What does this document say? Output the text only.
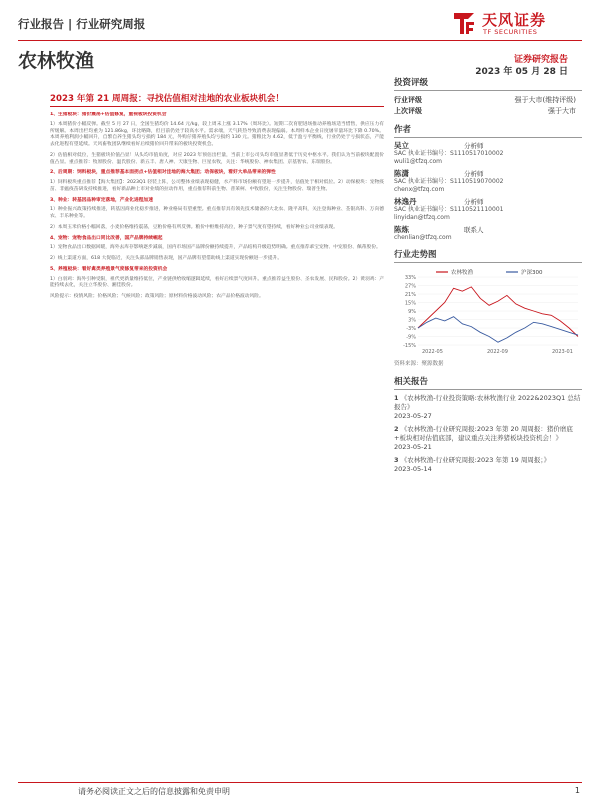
行业报告 | 行业研究周报	天风证券
TF SECURITIES
农林牧渔	证券研究报告
2023 年 05 月 28 日
2023 年第 21 周周报：寻找估值相对洼地的农业板块机会！

1、生猪板块：猪价震荡+估值修复，重视板块投资机会

1）本周猪价小幅反弹。截至 5 月 27 日，全国生猪均价 14.64 元/kg，较上周末上涨 3.17%（周环比）。短期二次育肥进场推动养殖场适当惜售，供应压力有所缓解。本周出栏均重为 121.86kg，环比略降，但目前仍处于较高水平。需求端，天气转热导致消费表现偏弱。本周样本企业日度屠宰量环比下降 0.70%。本周养殖利润小幅回升，自繁自养生猪头均亏损约 184 元，外购仔猪养殖头均亏损约 130 元。猪粮比为 4.62，低于盈亏平衡线，行业仍处于亏损状态，产能去化进程有望延续。天风畜牧团队继续看好后续猪价回升带来的板块投资机会。

2）估值相对低位，生猪板块价值凸显！从头均市值角度，对应 2023 年预估出栏量，当前上市公司头均市值显著低于历史中枢水平。我们认为当前板块配置价值凸显。重点推荐：牧原股份、温氏股份、新五丰、唐人神、天康生物、巨星农牧，关注：华统股份、神农集团、京基智农、东瑞股份。

2、后周期：饲料板块，重点推荐基本面拐点+估值相对洼地的海大集团；动保板块，看好大单品带来的弹性

1）饲料板块重点推荐【海大集团】：2023Q1 轻装上阵，公司整体业绩表现稳健，水产料市场份额有望进一步提升，估值处于相对低位。2）动保板块：宠物疫苗、非瘟疫苗研发持续推进，看好新品种上市对业绩的拉动作用，重点推荐科前生物、普莱柯、中牧股份，关注生物股份、瑞普生物。

3、种业：转基因品种审定落地，产业化进程加速

1）种业振兴政策持续推进，转基因商业化稳步推进，种业格局有望重塑。重点推荐具有领先技术储备的大北农、隆平高科，关注登海种业、荃银高科、万向德农、丰乐种业等。

2）本周玉米价格小幅回落，小麦价格维持震荡，豆粕价格有所反弹。粮价中枢维持高位，种子景气度有望持续，看好种业公司业绩表现。

4、宠物：宠物食品出口同比改善，国产品牌持续崛起

1）宠物食品出口数据回暖，海外去库存影响逐步减弱，国内市场国产品牌份额持续提升，产品结构升级趋势明确。重点推荐乖宝宠物、中宠股份、佩蒂股份。

2）线上渠道方面，618 大促临近，关注头部品牌销售表现，国产品牌有望借助线上渠道实现份额进一步提升。

5、养殖板块：看好禽类养殖景气度修复带来的投资机会

1）白羽鸡：海外引种受限，祖代更新量维持低位，产业链供给收缩逻辑延续，看好后续景气度回升。重点推荐益生股份、圣农发展、民和股份。2）黄羽鸡：产能持续去化，关注立华股份、湘佳股份。

风险提示：疫情风险；价格风险；气候风险；政策风险；原材料价格波动风险；农产品价格波动风险。

投资评级
行业评级	强于大市(维持评级)
上次评级	强于大市
作者
吴立	分析师
SAC 执业证书编号：S1110517010002
wuli1@tfzq.com
陈潇	分析师
SAC 执业证书编号：S1110519070002
chenx@tfzq.com
林逸丹	分析师
SAC 执业证书编号：S1110521110001
linyidan@tfzq.com
陈炼	联系人
chenlian@tfzq.com
行业走势图
33%
27%
21%
15%
9%
3%
-3%
-9%
-15%
2022-05	2022-09	2023-01
农林牧渔	沪深300
资料来源：聚源数据
相关报告
1 《农林牧渔-行业投资策略:农林牧渔行业 2022&2023Q1 总结报告》
2023-05-27
2 《农林牧渔-行业研究周报:2023 年第 20 周周报：猪价磨底+板块相对估值底部，建议重点关注养猪板块投资机会！》
2023-05-21
3 《农林牧渔-行业研究周报:2023 年第 19 周周报；》
2023-05-14
请务必阅读正文之后的信息披露和免责申明	1
